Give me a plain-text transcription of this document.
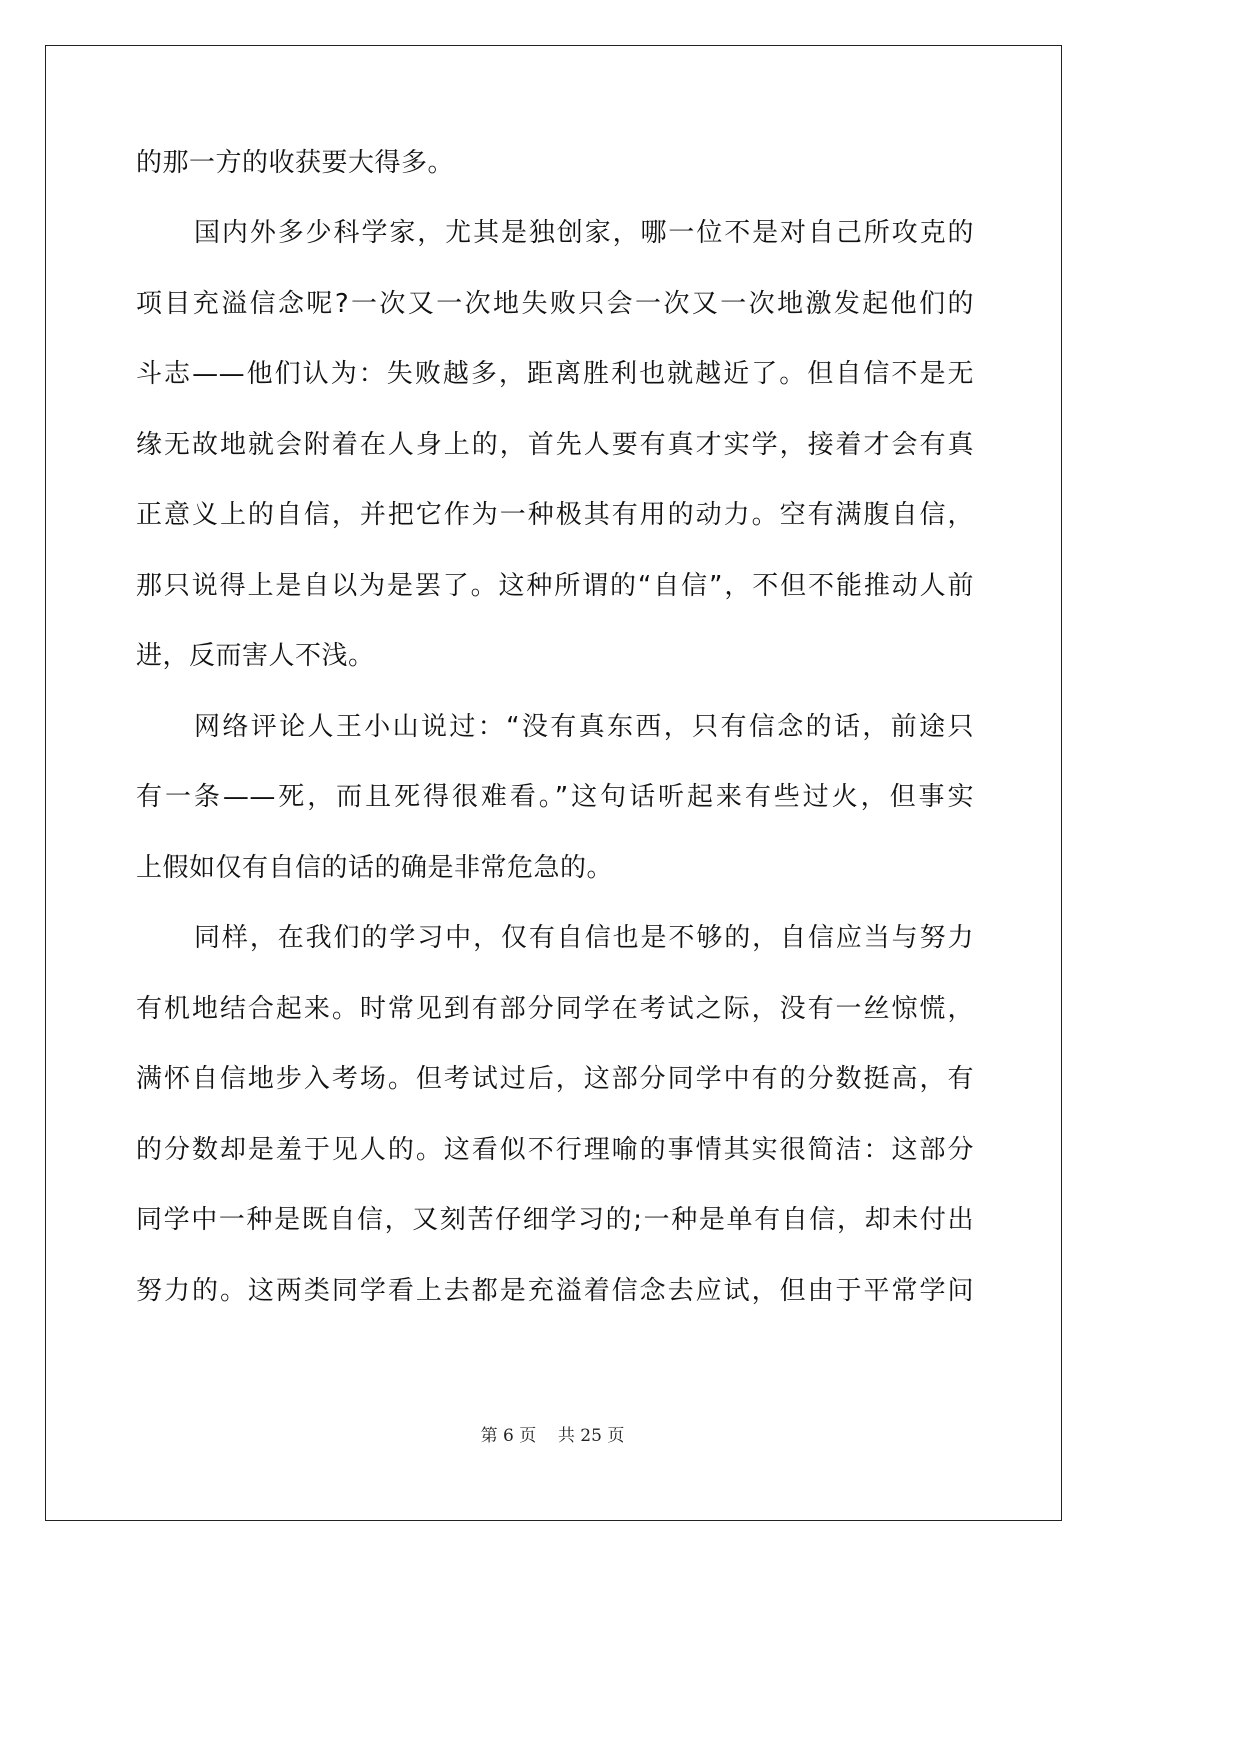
的那一方的收获要大得多。
国内外多少科学家，尤其是独创家，哪一位不是对自己所攻克的
项目充溢信念呢?一次又一次地失败只会一次又一次地激发起他们的
斗志——他们认为：失败越多，距离胜利也就越近了。但自信不是无
缘无故地就会附着在人身上的，首先人要有真才实学，接着才会有真
正意义上的自信，并把它作为一种极其有用的动力。空有满腹自信，
那只说得上是自以为是罢了。这种所谓的“自信”，不但不能推动人前
进，反而害人不浅。
网络评论人王小山说过：“没有真东西，只有信念的话，前途只
有一条——死，而且死得很难看。”这句话听起来有些过火，但事实
上假如仅有自信的话的确是非常危急的。
同样，在我们的学习中，仅有自信也是不够的，自信应当与努力
有机地结合起来。时常见到有部分同学在考试之际，没有一丝惊慌，
满怀自信地步入考场。但考试过后，这部分同学中有的分数挺高，有
的分数却是羞于见人的。这看似不行理喻的事情其实很简洁：这部分
同学中一种是既自信，又刻苦仔细学习的;一种是单有自信，却未付出
努力的。这两类同学看上去都是充溢着信念去应试，但由于平常学问
第 6 页 共 25 页
